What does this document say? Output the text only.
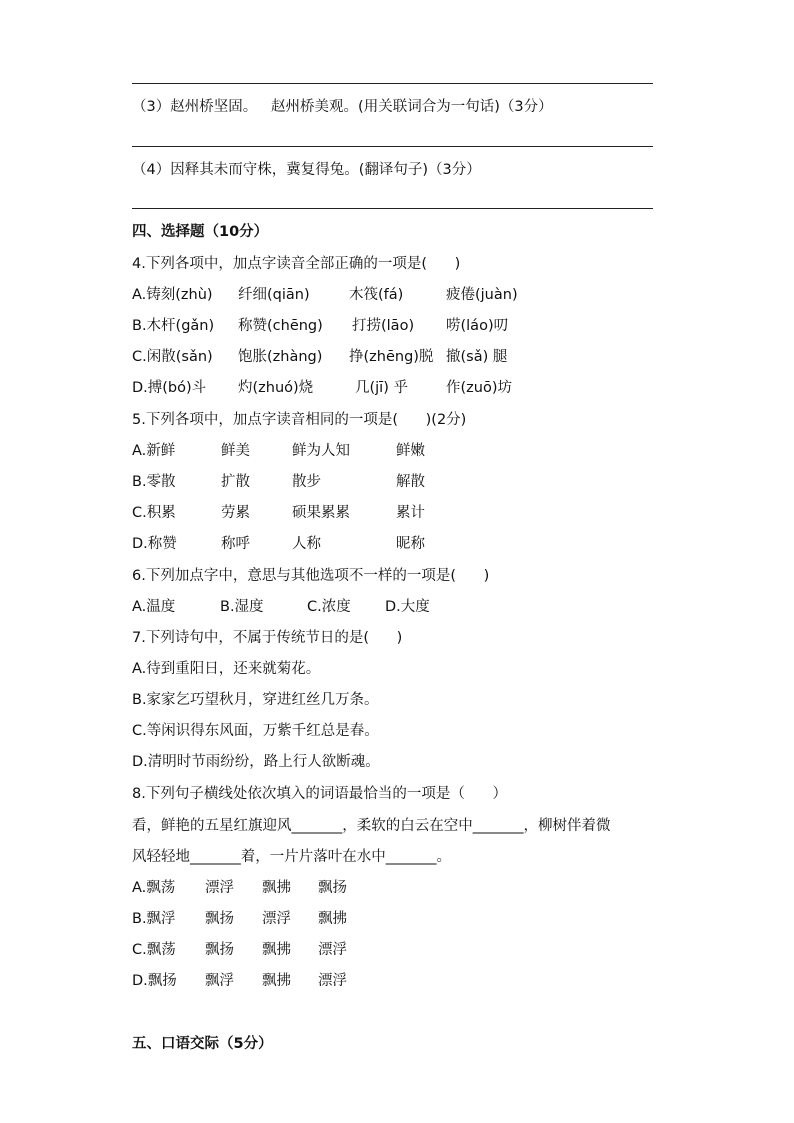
（3）赵州桥坚固。   赵州桥美观。(用关联词合为一句话)（3分）
（4）因释其未而守株，冀复得兔。(翻译句子)（3分）
四、选择题（10分）
4.下列各项中，加点字读音全部正确的一项是(      )
A.铸刻(zhù) 纤细(qiān)	木筏(fá)	疲倦(juàn)
B.木杆(gǎn) 称赞(chēng) 打捞(lāo) 唠(láo)叨
C.闲散(sǎn) 饱胀(zhàng) 挣(zhēng)脱 撤(sǎ) 腿
D.搏(bó)斗 灼(zhuó)烧	几(jī) 乎	作(zuō)坊
5.下列各项中，加点字读音相同的一项是(      )(2分)
A.新鲜	鲜美	鲜为人知	鲜嫩
B.零散	扩散	散步	解散
C.积累	劳累	硕果累累	累计
D.称赞	称呼	人称	昵称
6.下列加点字中，意思与其他选项不一样的一项是(      )
A.温度	B.湿度	C.浓度 D.大度
7.下列诗句中，不属于传统节日的是(      )
A.待到重阳日，还来就菊花。
B.家家乞巧望秋月，穿进红丝几万条。
C.等闲识得东风面，万紫千红总是春。
D.清明时节雨纷纷，路上行人欲断魂。
8.下列句子横线处依次填入的词语最恰当的一项是（      ）
看，鲜艳的五星红旗迎风_______，柔软的白云在空中_______，柳树伴着微
风轻轻地_______着，一片片落叶在水中_______。
A.飘荡 漂浮 飘拂 飘扬
B.飘浮 飘扬 漂浮 飘拂
C.飘荡 飘扬 飘拂 漂浮
D.飘扬 飘浮 飘拂 漂浮
五、口语交际（5分）
